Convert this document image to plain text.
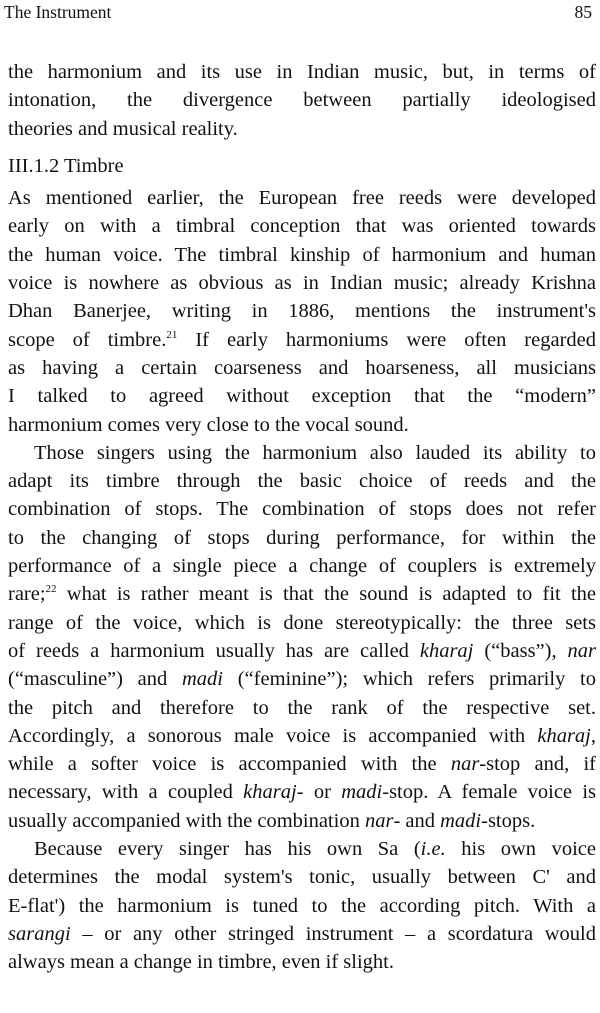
The Instrument	85
the harmonium and its use in Indian music, but, in terms of
intonation, the divergence between partially ideologised
theories and musical reality.
III.1.2 Timbre
As mentioned earlier, the European free reeds were developed
early on with a timbral conception that was oriented towards
the human voice. The timbral kinship of harmonium and human
voice is nowhere as obvious as in Indian music; already Krishna
Dhan Banerjee, writing in 1886, mentions the instrument's
scope of timbre.$^{21}$ If early harmoniums were often regarded
as having a certain coarseness and hoarseness, all musicians
I talked to agreed without exception that the “modern”
harmonium comes very close to the vocal sound.
Those singers using the harmonium also lauded its ability to
adapt its timbre through the basic choice of reeds and the
combination of stops. The combination of stops does not refer
to the changing of stops during performance, for within the
performance of a single piece a change of couplers is extremely
rare;$^{22}$ what is rather meant is that the sound is adapted to fit the
range of the voice, which is done stereotypically: the three sets
of reeds a harmonium usually has are called kharaj (“bass”), nar
(“masculine”) and madi (“feminine”); which refers primarily to
the pitch and therefore to the rank of the respective set.
Accordingly, a sonorous male voice is accompanied with kharaj,
while a softer voice is accompanied with the nar-stop and, if
necessary, with a coupled kharaj- or madi-stop. A female voice is
usually accompanied with the combination nar- and madi-stops.
Because every singer has his own Sa (i.e. his own voice
determines the modal system's tonic, usually between C' and
E-flat') the harmonium is tuned to the according pitch. With a
sarangi – or any other stringed instrument – a scordatura would
always mean a change in timbre, even if slight.
